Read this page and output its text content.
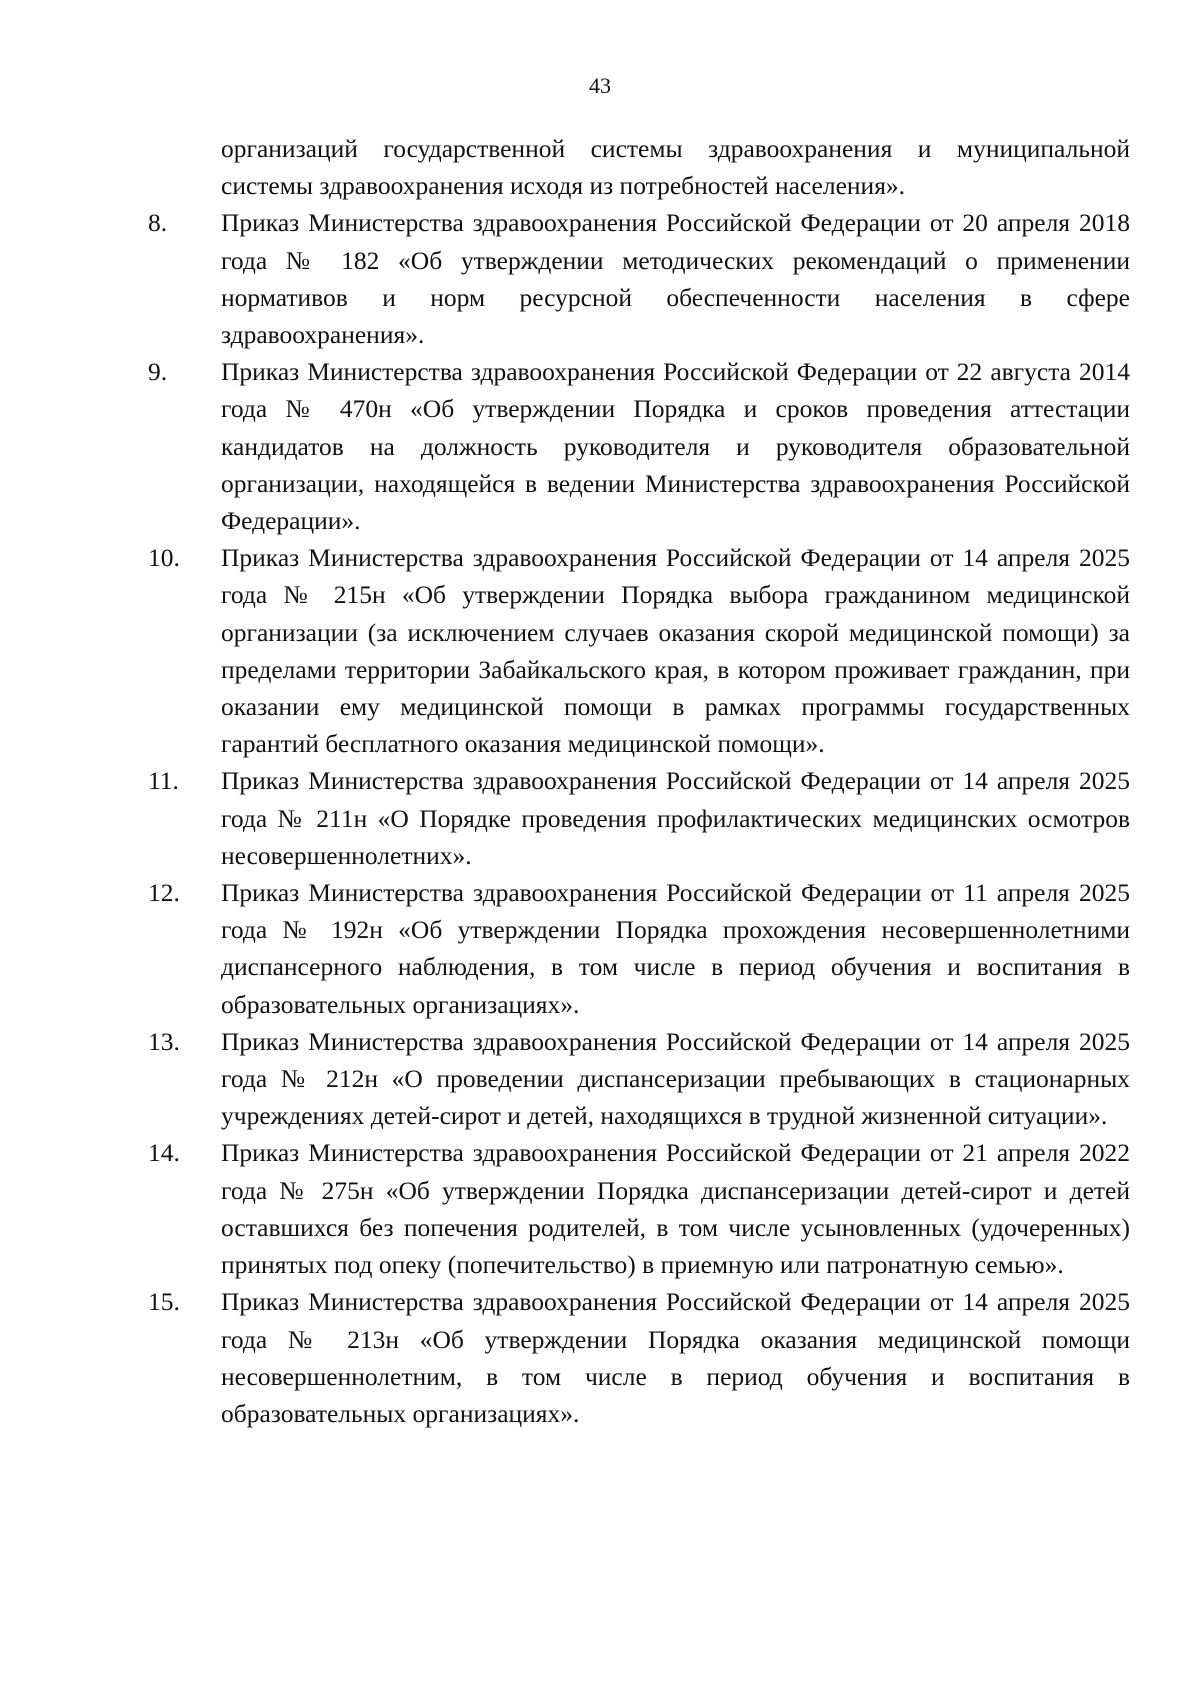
43
организаций государственной системы здравоохранения и муниципальной системы здравоохранения исходя из потребностей населения».
8.	Приказ Министерства здравоохранения Российской Федерации от 20 апреля 2018 года № 182 «Об утверждении методических рекомендаций о применении нормативов и норм ресурсной обеспеченности населения в сфере здравоохранения».
9.	Приказ Министерства здравоохранения Российской Федерации от 22 августа 2014 года № 470н «Об утверждении Порядка и сроков проведения аттестации кандидатов на должность руководителя и руководителя образовательной организации, находящейся в ведении Министерства здравоохранения Российской Федерации».
10.	Приказ Министерства здравоохранения Российской Федерации от 14 апреля 2025 года № 215н «Об утверждении Порядка выбора гражданином медицинской организации (за исключением случаев оказания скорой медицинской помощи) за пределами территории Забайкальского края, в котором проживает гражданин, при оказании ему медицинской помощи в рамках программы государственных гарантий бесплатного оказания медицинской помощи».
11.	Приказ Министерства здравоохранения Российской Федерации от 14 апреля 2025 года № 211н «О Порядке проведения профилактических медицинских осмотров несовершеннолетних».
12.	Приказ Министерства здравоохранения Российской Федерации от 11 апреля 2025 года № 192н «Об утверждении Порядка прохождения несовершеннолетними диспансерного наблюдения, в том числе в период обучения и воспитания в образовательных организациях».
13.	Приказ Министерства здравоохранения Российской Федерации от 14 апреля 2025 года № 212н «О проведении диспансеризации пребывающих в стационарных учреждениях детей-сирот и детей, находящихся в трудной жизненной ситуации».
14.	Приказ Министерства здравоохранения Российской Федерации от 21 апреля 2022 года № 275н «Об утверждении Порядка диспансеризации детей-сирот и детей оставшихся без попечения родителей, в том числе усыновленных (удочеренных) принятых под опеку (попечительство) в приемную или патронатную семью».
15.	Приказ Министерства здравоохранения Российской Федерации от 14 апреля 2025 года № 213н «Об утверждении Порядка оказания медицинской помощи несовершеннолетним, в том числе в период обучения и воспитания в образовательных организациях».
